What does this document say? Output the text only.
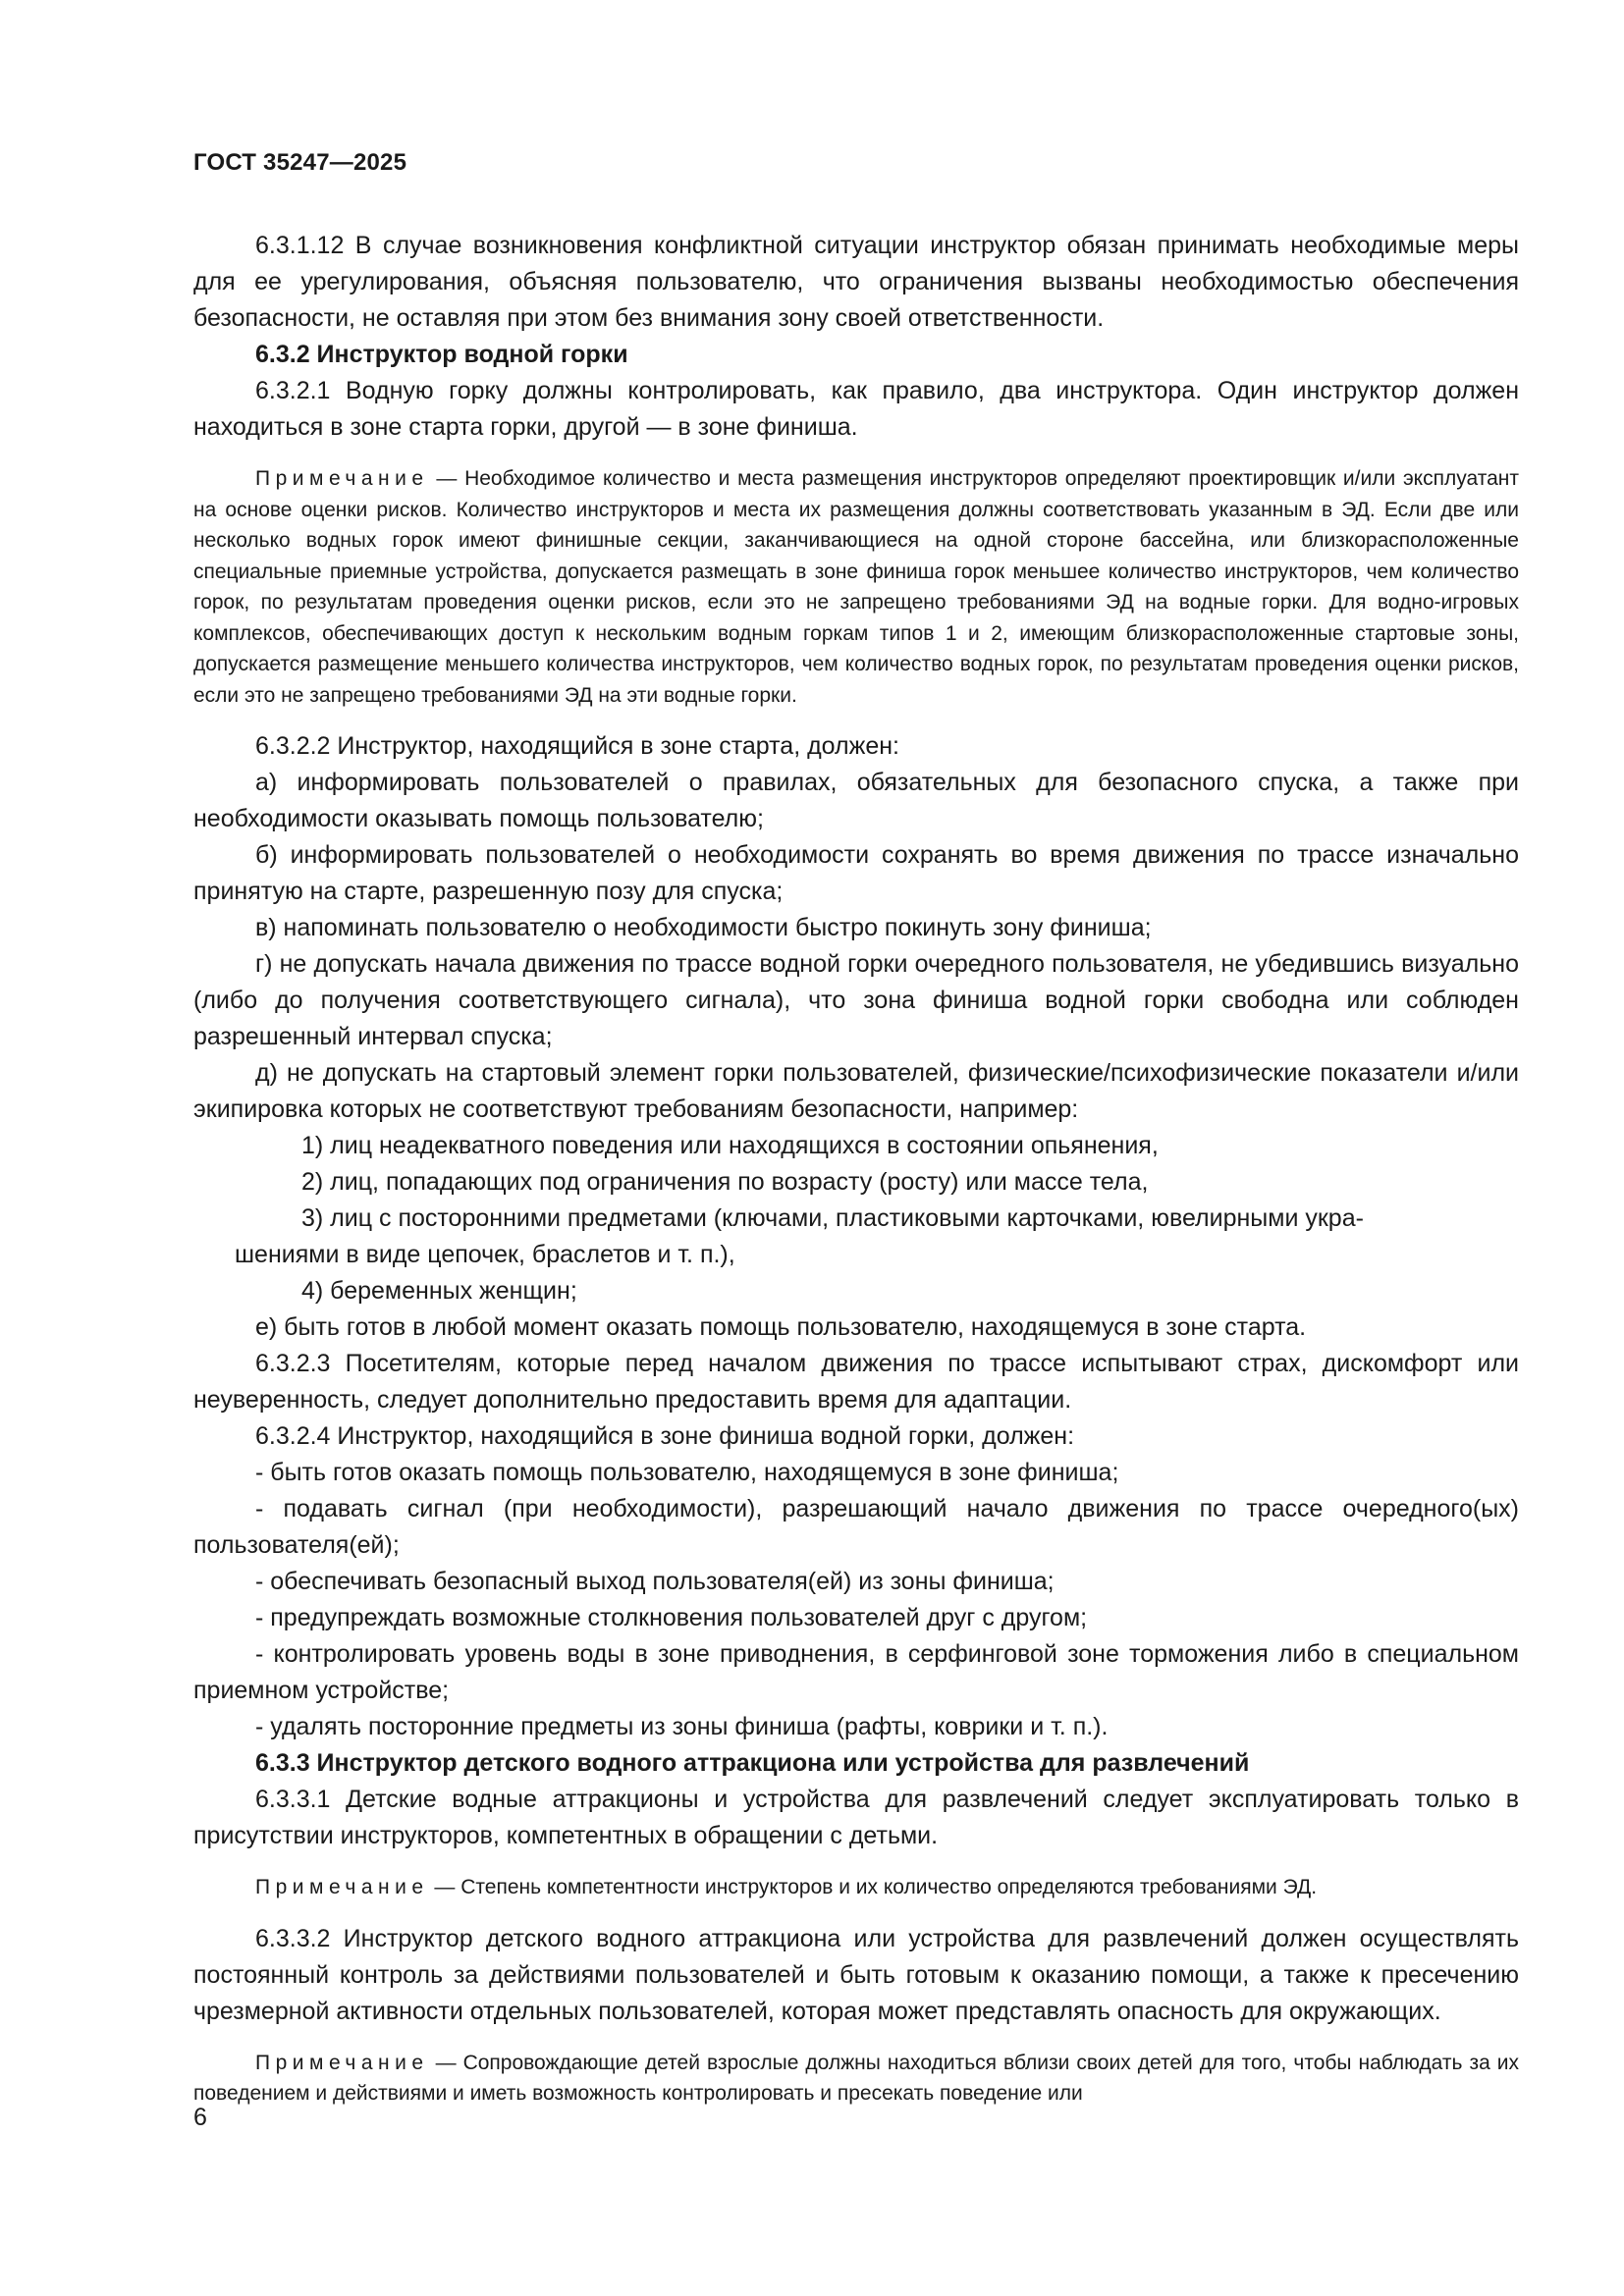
ГОСТ 35247—2025

6.3.1.12 В случае возникновения конфликтной ситуации инструктор обязан принимать необходимые меры для ее урегулирования, объясняя пользователю, что ограничения вызваны необходимостью обеспечения безопасности, не оставляя при этом без внимания зону своей ответственности.

6.3.2 Инструктор водной горки

6.3.2.1 Водную горку должны контролировать, как правило, два инструктора. Один инструктор должен находиться в зоне старта горки, другой — в зоне финиша.

Примечание — Необходимое количество и места размещения инструкторов определяют проектировщик и/или эксплуатант на основе оценки рисков. Количество инструкторов и места их размещения должны соответствовать указанным в ЭД. Если две или несколько водных горок имеют финишные секции, заканчивающиеся на одной стороне бассейна, или близкорасположенные специальные приемные устройства, допускается размещать в зоне финиша горок меньшее количество инструкторов, чем количество горок, по результатам проведения оценки рисков, если это не запрещено требованиями ЭД на водные горки. Для водно-игровых комплексов, обеспечивающих доступ к нескольким водным горкам типов 1 и 2, имеющим близкорасположенные стартовые зоны, допускается размещение меньшего количества инструкторов, чем количество водных горок, по результатам проведения оценки рисков, если это не запрещено требованиями ЭД на эти водные горки.

6.3.2.2 Инструктор, находящийся в зоне старта, должен:

а) информировать пользователей о правилах, обязательных для безопасного спуска, а также при необходимости оказывать помощь пользователю;

б) информировать пользователей о необходимости сохранять во время движения по трассе изначально принятую на старте, разрешенную позу для спуска;

в) напоминать пользователю о необходимости быстро покинуть зону финиша;

г) не допускать начала движения по трассе водной горки очередного пользователя, не убедившись визуально (либо до получения соответствующего сигнала), что зона финиша водной горки свободна или соблюден разрешенный интервал спуска;

д) не допускать на стартовый элемент горки пользователей, физические/психофизические показатели и/или экипировка которых не соответствуют требованиям безопасности, например:

1) лиц неадекватного поведения или находящихся в состоянии опьянения,

2) лиц, попадающих под ограничения по возрасту (росту) или массе тела,

3) лиц с посторонними предметами (ключами, пластиковыми карточками, ювелирными укра-
шениями в виде цепочек, браслетов и т. п.),

4) беременных женщин;

е) быть готов в любой момент оказать помощь пользователю, находящемуся в зоне старта.

6.3.2.3 Посетителям, которые перед началом движения по трассе испытывают страх, дискомфорт или неуверенность, следует дополнительно предоставить время для адаптации.

6.3.2.4 Инструктор, находящийся в зоне финиша водной горки, должен:

- быть готов оказать помощь пользователю, находящемуся в зоне финиша;

- подавать сигнал (при необходимости), разрешающий начало движения по трассе очередного(ых) пользователя(ей);

- обеспечивать безопасный выход пользователя(ей) из зоны финиша;

- предупреждать возможные столкновения пользователей друг с другом;

- контролировать уровень воды в зоне приводнения, в серфинговой зоне торможения либо в специальном приемном устройстве;

- удалять посторонние предметы из зоны финиша (рафты, коврики и т. п.).

6.3.3 Инструктор детского водного аттракциона или устройства для развлечений

6.3.3.1 Детские водные аттракционы и устройства для развлечений следует эксплуатировать только в присутствии инструкторов, компетентных в обращении с детьми.

Примечание — Степень компетентности инструкторов и их количество определяются требованиями ЭД.

6.3.3.2 Инструктор детского водного аттракциона или устройства для развлечений должен осуществлять постоянный контроль за действиями пользователей и быть готовым к оказанию помощи, а также к пресечению чрезмерной активности отдельных пользователей, которая может представлять опасность для окружающих.

Примечание — Сопровождающие детей взрослые должны находиться вблизи своих детей для того, чтобы наблюдать за их поведением и действиями и иметь возможность контролировать и пресекать поведение или

6
